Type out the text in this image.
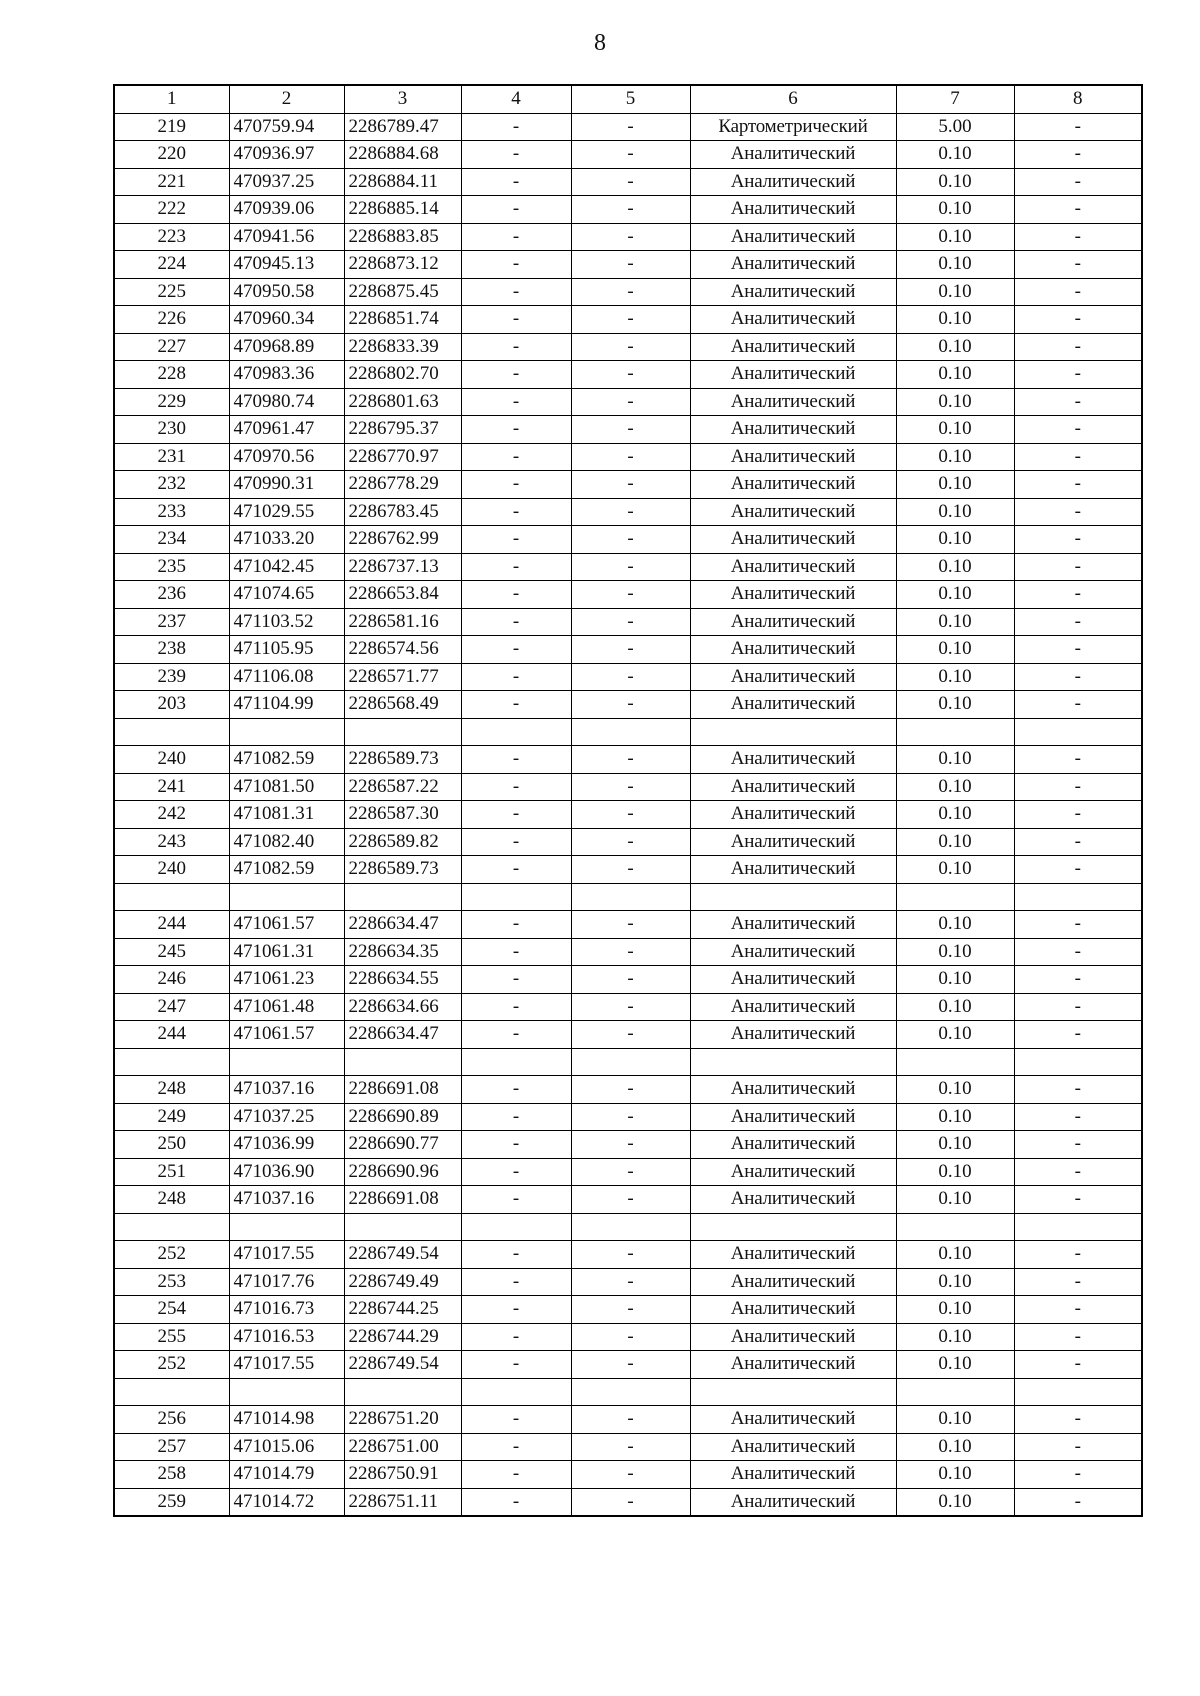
8
1	2	3	4	5	6	7	8
219	470759.94	2286789.47	-	-	Картометрический	5.00	-
220	470936.97	2286884.68	-	-	Аналитический	0.10	-
221	470937.25	2286884.11	-	-	Аналитический	0.10	-
222	470939.06	2286885.14	-	-	Аналитический	0.10	-
223	470941.56	2286883.85	-	-	Аналитический	0.10	-
224	470945.13	2286873.12	-	-	Аналитический	0.10	-
225	470950.58	2286875.45	-	-	Аналитический	0.10	-
226	470960.34	2286851.74	-	-	Аналитический	0.10	-
227	470968.89	2286833.39	-	-	Аналитический	0.10	-
228	470983.36	2286802.70	-	-	Аналитический	0.10	-
229	470980.74	2286801.63	-	-	Аналитический	0.10	-
230	470961.47	2286795.37	-	-	Аналитический	0.10	-
231	470970.56	2286770.97	-	-	Аналитический	0.10	-
232	470990.31	2286778.29	-	-	Аналитический	0.10	-
233	471029.55	2286783.45	-	-	Аналитический	0.10	-
234	471033.20	2286762.99	-	-	Аналитический	0.10	-
235	471042.45	2286737.13	-	-	Аналитический	0.10	-
236	471074.65	2286653.84	-	-	Аналитический	0.10	-
237	471103.52	2286581.16	-	-	Аналитический	0.10	-
238	471105.95	2286574.56	-	-	Аналитический	0.10	-
239	471106.08	2286571.77	-	-	Аналитический	0.10	-
203	471104.99	2286568.49	-	-	Аналитический	0.10	-

240	471082.59	2286589.73	-	-	Аналитический	0.10	-
241	471081.50	2286587.22	-	-	Аналитический	0.10	-
242	471081.31	2286587.30	-	-	Аналитический	0.10	-
243	471082.40	2286589.82	-	-	Аналитический	0.10	-
240	471082.59	2286589.73	-	-	Аналитический	0.10	-

244	471061.57	2286634.47	-	-	Аналитический	0.10	-
245	471061.31	2286634.35	-	-	Аналитический	0.10	-
246	471061.23	2286634.55	-	-	Аналитический	0.10	-
247	471061.48	2286634.66	-	-	Аналитический	0.10	-
244	471061.57	2286634.47	-	-	Аналитический	0.10	-

248	471037.16	2286691.08	-	-	Аналитический	0.10	-
249	471037.25	2286690.89	-	-	Аналитический	0.10	-
250	471036.99	2286690.77	-	-	Аналитический	0.10	-
251	471036.90	2286690.96	-	-	Аналитический	0.10	-
248	471037.16	2286691.08	-	-	Аналитический	0.10	-

252	471017.55	2286749.54	-	-	Аналитический	0.10	-
253	471017.76	2286749.49	-	-	Аналитический	0.10	-
254	471016.73	2286744.25	-	-	Аналитический	0.10	-
255	471016.53	2286744.29	-	-	Аналитический	0.10	-
252	471017.55	2286749.54	-	-	Аналитический	0.10	-

256	471014.98	2286751.20	-	-	Аналитический	0.10	-
257	471015.06	2286751.00	-	-	Аналитический	0.10	-
258	471014.79	2286750.91	-	-	Аналитический	0.10	-
259	471014.72	2286751.11	-	-	Аналитический	0.10	-
